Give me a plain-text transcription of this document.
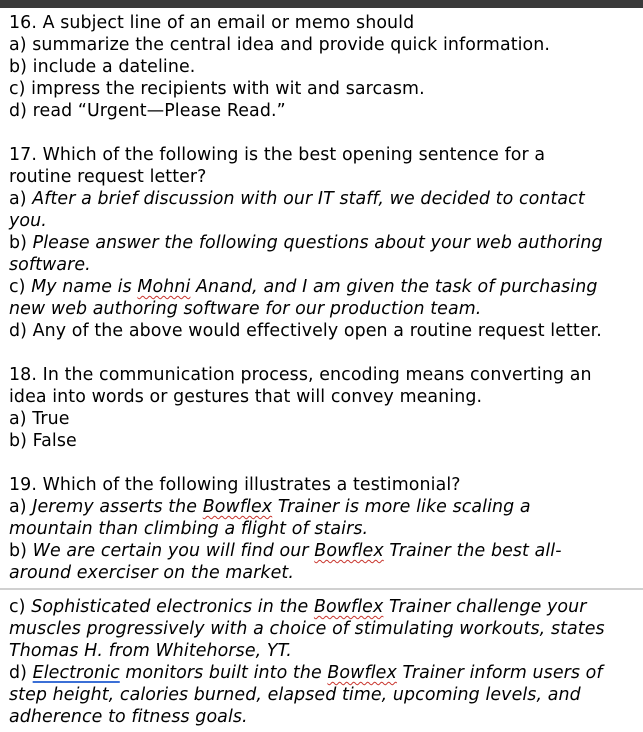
16. A subject line of an email or memo should
a) summarize the central idea and provide quick information.
b) include a dateline.
c) impress the recipients with wit and sarcasm.
d) read “Urgent—Please Read.”
17. Which of the following is the best opening sentence for a
routine request letter?
a) After a brief discussion with our IT staff, we decided to contact
you.
b) Please answer the following questions about your web authoring
software.
c) My name is Mohni Anand, and I am given the task of purchasing
new web authoring software for our production team.
d) Any of the above would effectively open a routine request letter.
18. In the communication process, encoding means converting an
idea into words or gestures that will convey meaning.
a) True
b) False
19. Which of the following illustrates a testimonial?
a) Jeremy asserts the Bowflex Trainer is more like scaling a
mountain than climbing a flight of stairs.
b) We are certain you will find our Bowflex Trainer the best all-
around exerciser on the market.
c) Sophisticated electronics in the Bowflex Trainer challenge your
muscles progressively with a choice of stimulating workouts, states
Thomas H. from Whitehorse, YT.
d) Electronic monitors built into the Bowflex Trainer inform users of
step height, calories burned, elapsed time, upcoming levels, and
adherence to fitness goals.
